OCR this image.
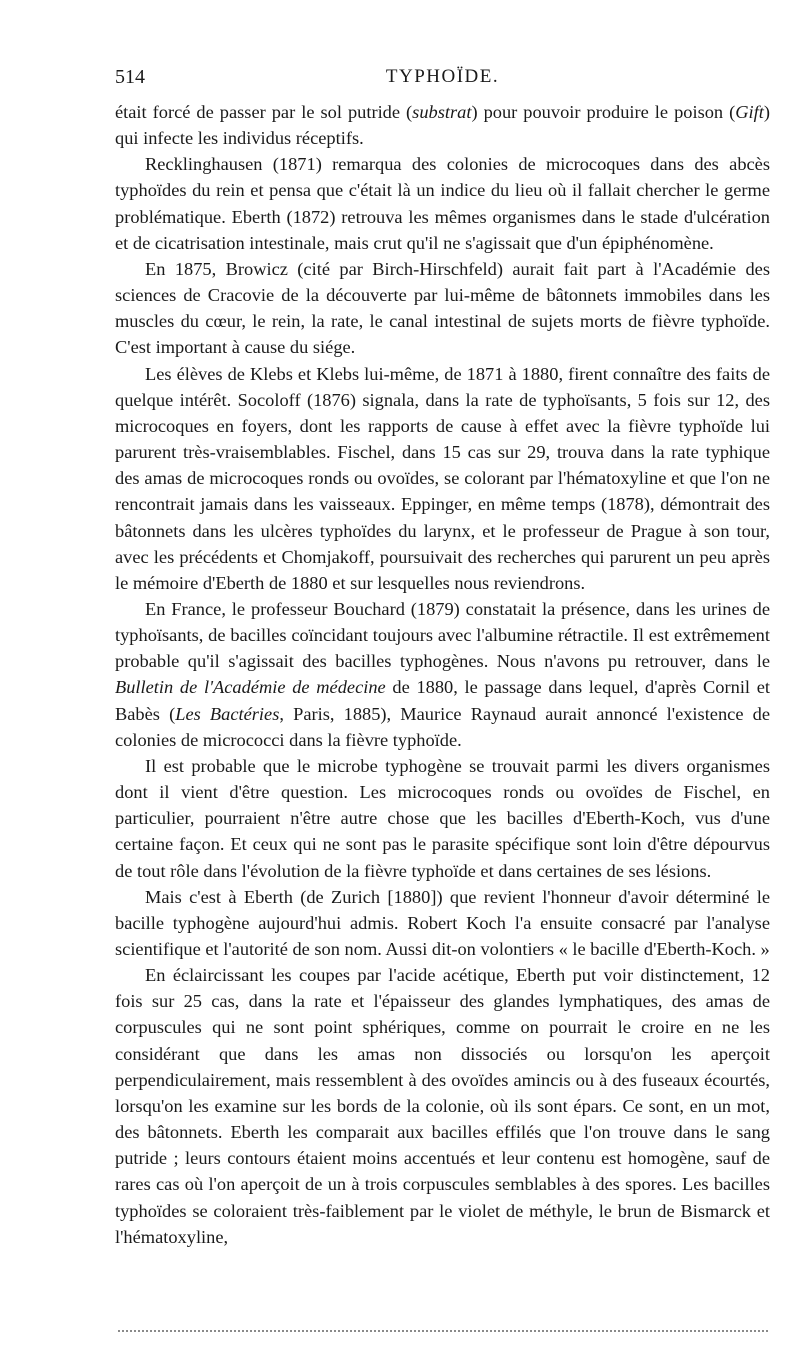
514	TYPHOÏDE.

était forcé de passer par le sol putride (substrat) pour pouvoir produire le poison (Gift) qui infecte les individus réceptifs.

Recklinghausen (1871) remarqua des colonies de microcoques dans des abcès typhoïdes du rein et pensa que c'était là un indice du lieu où il fallait chercher le germe problématique. Eberth (1872) retrouva les mêmes organismes dans le stade d'ulcération et de cicatrisation intestinale, mais crut qu'il ne s'agissait que d'un épiphénomène.

En 1875, Browicz (cité par Birch-Hirschfeld) aurait fait part à l'Académie des sciences de Cracovie de la découverte par lui-même de bâtonnets immobiles dans les muscles du cœur, le rein, la rate, le canal intestinal de sujets morts de fièvre typhoïde. C'est important à cause du siége.

Les élèves de Klebs et Klebs lui-même, de 1871 à 1880, firent connaître des faits de quelque intérêt. Socoloff (1876) signala, dans la rate de typhoïsants, 5 fois sur 12, des microcoques en foyers, dont les rapports de cause à effet avec la fièvre typhoïde lui parurent très-vraisemblables. Fischel, dans 15 cas sur 29, trouva dans la rate typhique des amas de microcoques ronds ou ovoïdes, se colorant par l'hématoxyline et que l'on ne rencontrait jamais dans les vaisseaux. Eppinger, en même temps (1878), démontrait des bâtonnets dans les ulcères typhoïdes du larynx, et le professeur de Prague à son tour, avec les précédents et Chomjakoff, poursuivait des recherches qui parurent un peu après le mémoire d'Eberth de 1880 et sur lesquelles nous reviendrons.

En France, le professeur Bouchard (1879) constatait la présence, dans les urines de typhoïsants, de bacilles coïncidant toujours avec l'albumine rétractile. Il est extrêmement probable qu'il s'agissait des bacilles typhogènes. Nous n'avons pu retrouver, dans le Bulletin de l'Académie de médecine de 1880, le passage dans lequel, d'après Cornil et Babès (Les Bactéries, Paris, 1885), Maurice Raynaud aurait annoncé l'existence de colonies de micrococci dans la fièvre typhoïde.

Il est probable que le microbe typhogène se trouvait parmi les divers organismes dont il vient d'être question. Les microcoques ronds ou ovoïdes de Fischel, en particulier, pourraient n'être autre chose que les bacilles d'Eberth-Koch, vus d'une certaine façon. Et ceux qui ne sont pas le parasite spécifique sont loin d'être dépourvus de tout rôle dans l'évolution de la fièvre typhoïde et dans certaines de ses lésions.

Mais c'est à Eberth (de Zurich [1880]) que revient l'honneur d'avoir déterminé le bacille typhogène aujourd'hui admis. Robert Koch l'a ensuite consacré par l'analyse scientifique et l'autorité de son nom. Aussi dit-on volontiers « le bacille d'Eberth-Koch. »

En éclaircissant les coupes par l'acide acétique, Eberth put voir distinctement, 12 fois sur 25 cas, dans la rate et l'épaisseur des glandes lymphatiques, des amas de corpuscules qui ne sont point sphériques, comme on pourrait le croire en ne les considérant que dans les amas non dissociés ou lorsqu'on les aperçoit perpendiculairement, mais ressemblent à des ovoïdes amincis ou à des fuseaux écourtés, lorsqu'on les examine sur les bords de la colonie, où ils sont épars. Ce sont, en un mot, des bâtonnets. Eberth les comparait aux bacilles effilés que l'on trouve dans le sang putride ; leurs contours étaient moins accentués et leur contenu est homogène, sauf de rares cas où l'on aperçoit de un à trois corpuscules semblables à des spores. Les bacilles typhoïdes se coloraient très-faiblement par le violet de méthyle, le brun de Bismarck et l'hématoxyline,
